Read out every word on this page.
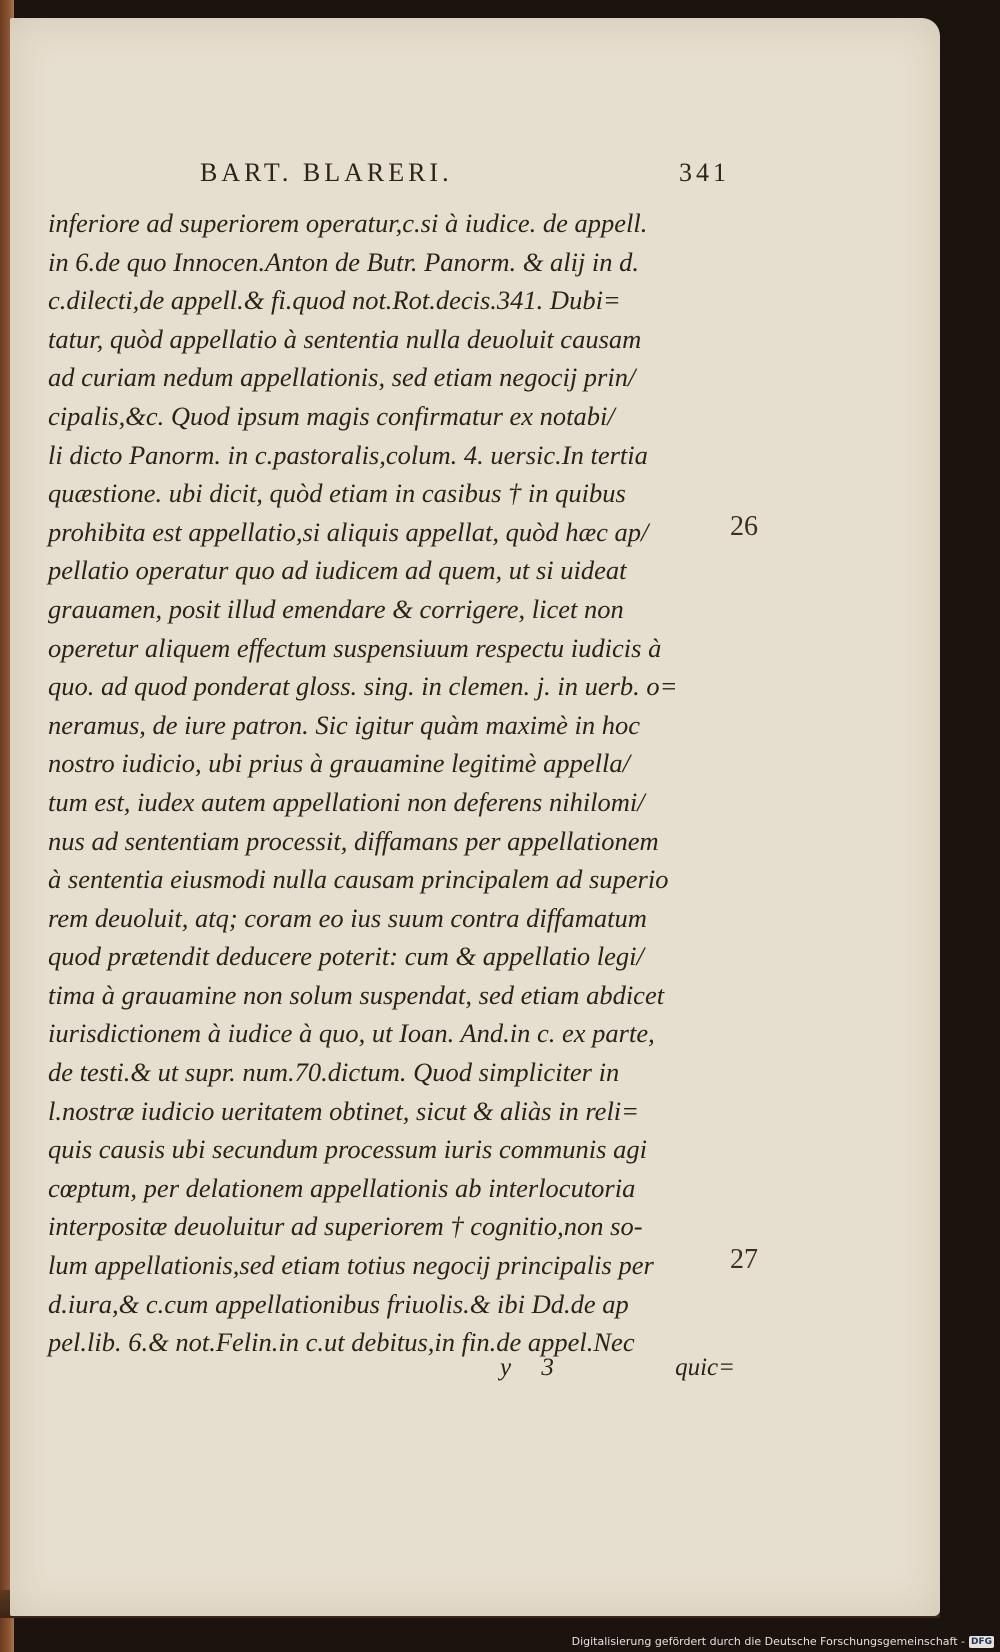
BART. BLARERI.	341
inferiore ad superiorem operatur,c.si à iudice. de appell.
in 6.de quo Innocen.Anton de Butr. Panorm. & alij in d.
c.dilecti,de appell.& fi.quod not.Rot.decis.341. Dubi=
tatur, quòd appellatio à sententia nulla deuoluit causam
ad curiam nedum appellationis, sed etiam negocij prin/
cipalis,&c. Quod ipsum magis confirmatur ex notabi/
li dicto Panorm. in c.pastoralis,colum. 4. uersic.In tertia
quæstione. ubi dicit, quòd etiam in casibus † in quibus
prohibita est appellatio,si aliquis appellat, quòd hæc ap/
pellatio operatur quo ad iudicem ad quem, ut si uideat
grauamen, posit illud emendare & corrigere, licet non
operetur aliquem effectum suspensiuum respectu iudicis à
quo. ad quod ponderat gloss. sing. in clemen. j. in uerb. o=
neramus, de iure patron. Sic igitur quàm maximè in hoc
nostro iudicio, ubi prius à grauamine legitimè appella/
tum est, iudex autem appellationi non deferens nihilomi/
nus ad sententiam processit, diffamans per appellationem
à sententia eiusmodi nulla causam principalem ad superio
rem deuoluit, atq; coram eo ius suum contra diffamatum
quod prætendit deducere poterit: cum & appellatio legi/
tima à grauamine non solum suspendat, sed etiam abdicet
iurisdictionem à iudice à quo, ut Ioan. And.in c. ex parte,
de testi.& ut supr. num.70.dictum. Quod simpliciter in
l.nostræ iudicio ueritatem obtinet, sicut & aliàs in reli=
quis causis ubi secundum processum iuris communis agi
cœptum, per delationem appellationis ab interlocutoria
interpositæ deuoluitur ad superiorem † cognitio,non so-
lum appellationis,sed etiam totius negocij principalis per
d.iura,& c.cum appellationibus friuolis.& ibi Dd.de ap
pel.lib. 6.& not.Felin.in c.ut debitus,in fin.de appel.Nec
26
27
y 3	quic=
Digitalisierung gefördert durch die Deutsche Forschungsgemeinschaft - DFG
